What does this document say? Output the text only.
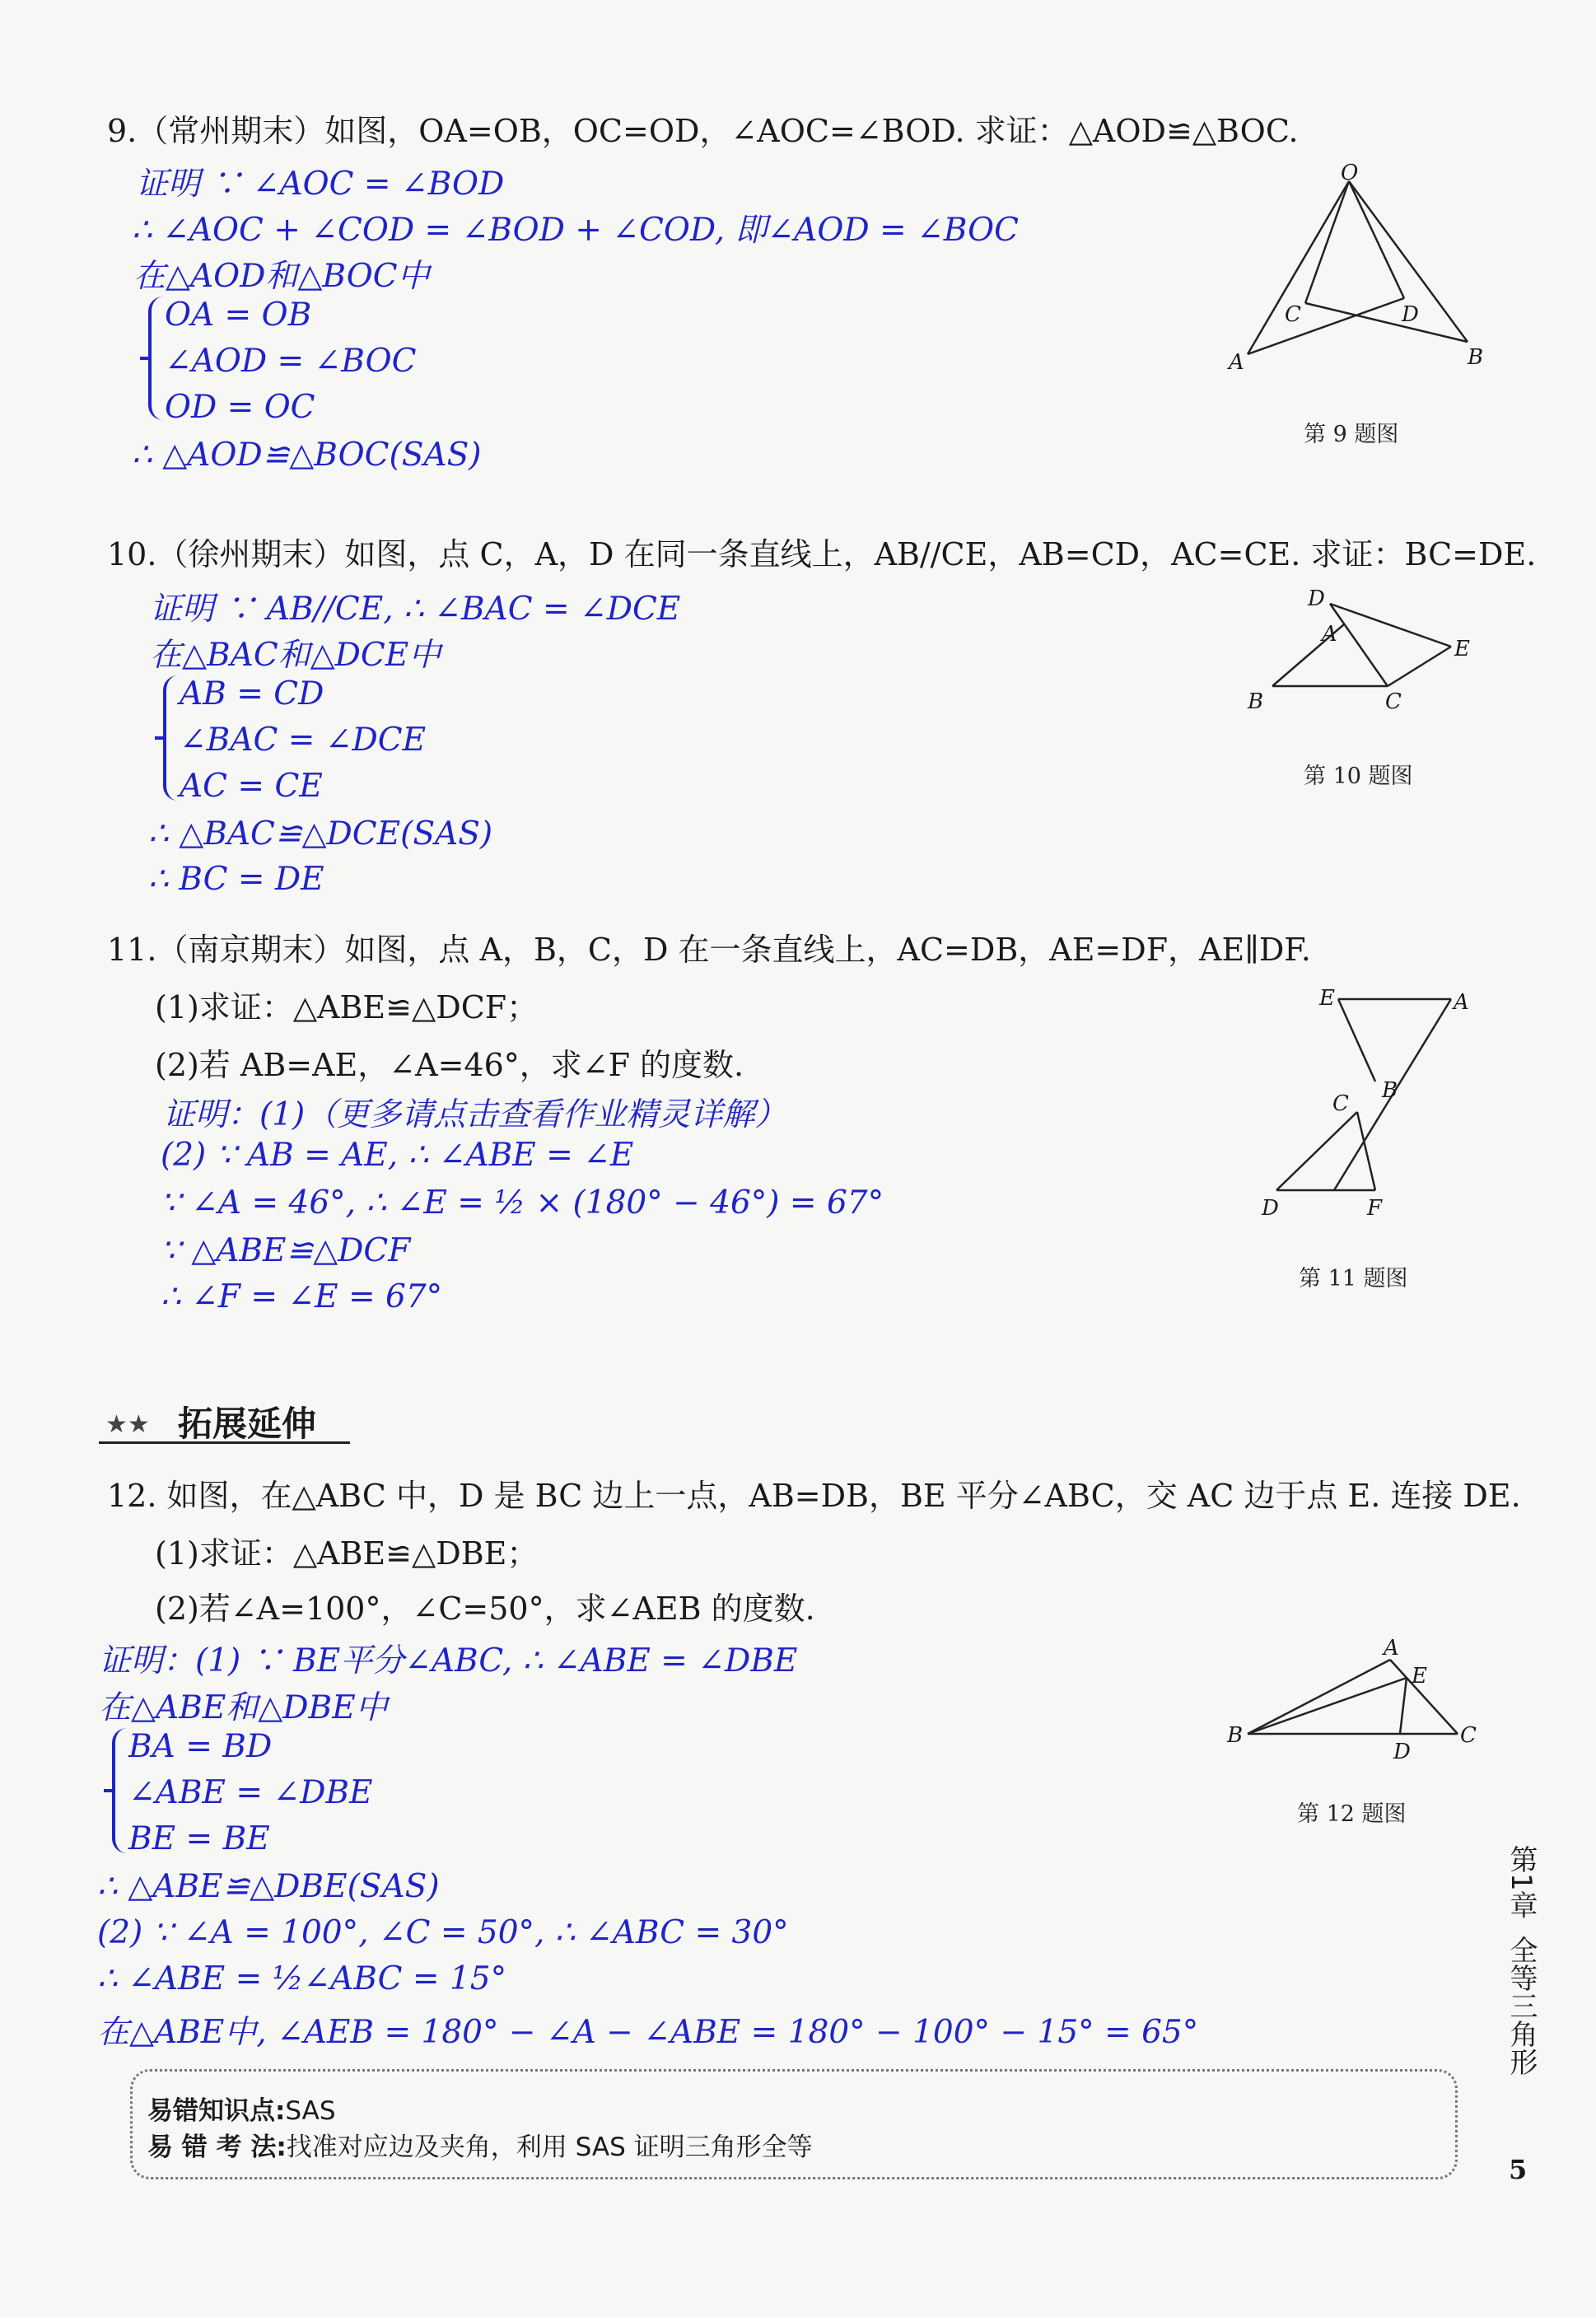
9.（常州期末）如图，OA=OB，OC=OD，∠AOC=∠BOD. 求证：△AOD≌△BOC.
证明 ∵ ∠AOC = ∠BOD
∴ ∠AOC + ∠COD = ∠BOD + ∠COD, 即∠AOD = ∠BOC
在△AOD和△BOC中
OA = OB
∠AOD = ∠BOC
OD = OC
∴ △AOD≌△BOC(SAS)
O
C	D
A	B
第 9 题图
10.（徐州期末）如图，点 C，A，D 在同一条直线上，AB//CE，AB=CD，AC=CE. 求证：BC=DE.
证明 ∵ AB//CE, ∴ ∠BAC = ∠DCE
在△BAC和△DCE中
AB = CD
∠BAC = ∠DCE
AC = CE
∴ △BAC≌△DCE(SAS)
∴ BC = DE
D
A
E
B	C
第 10 题图
11.（南京期末）如图，点 A，B，C，D 在一条直线上，AC=DB，AE=DF，AE∥DF.
(1)求证：△ABE≌△DCF；
(2)若 AB=AE，∠A=46°，求∠F 的度数.
证明：(1)（更多请点击查看作业精灵详解）
(2) ∵ AB = AE, ∴ ∠ABE = ∠E
∵ ∠A = 46°, ∴ ∠E = ½ × (180° − 46°) = 67°
∵ △ABE≌△DCF
∴ ∠F = ∠E = 67°
E	A
B
C
D	F
第 11 题图
★★ 拓展延伸
12. 如图，在△ABC 中，D 是 BC 边上一点，AB=DB，BE 平分∠ABC，交 AC 边于点 E. 连接 DE.
(1)求证：△ABE≌△DBE；
(2)若∠A=100°，∠C=50°，求∠AEB 的度数.
证明：(1) ∵ BE平分∠ABC, ∴ ∠ABE = ∠DBE
在△ABE和△DBE中
BA = BD
∠ABE = ∠DBE
BE = BE
∴ △ABE≌△DBE(SAS)
(2) ∵ ∠A = 100°, ∠C = 50°, ∴ ∠ABC = 30°
∴ ∠ABE = ½∠ABC = 15°
在△ABE中, ∠AEB = 180° − ∠A − ∠ABE = 180° − 100° − 15° = 65°
A
E
B
D
C
第 12 题图
易错知识点:SAS
易 错 考 法:找准对应边及夹角，利用 SAS 证明三角形全等
第1章
全等三角形
5
